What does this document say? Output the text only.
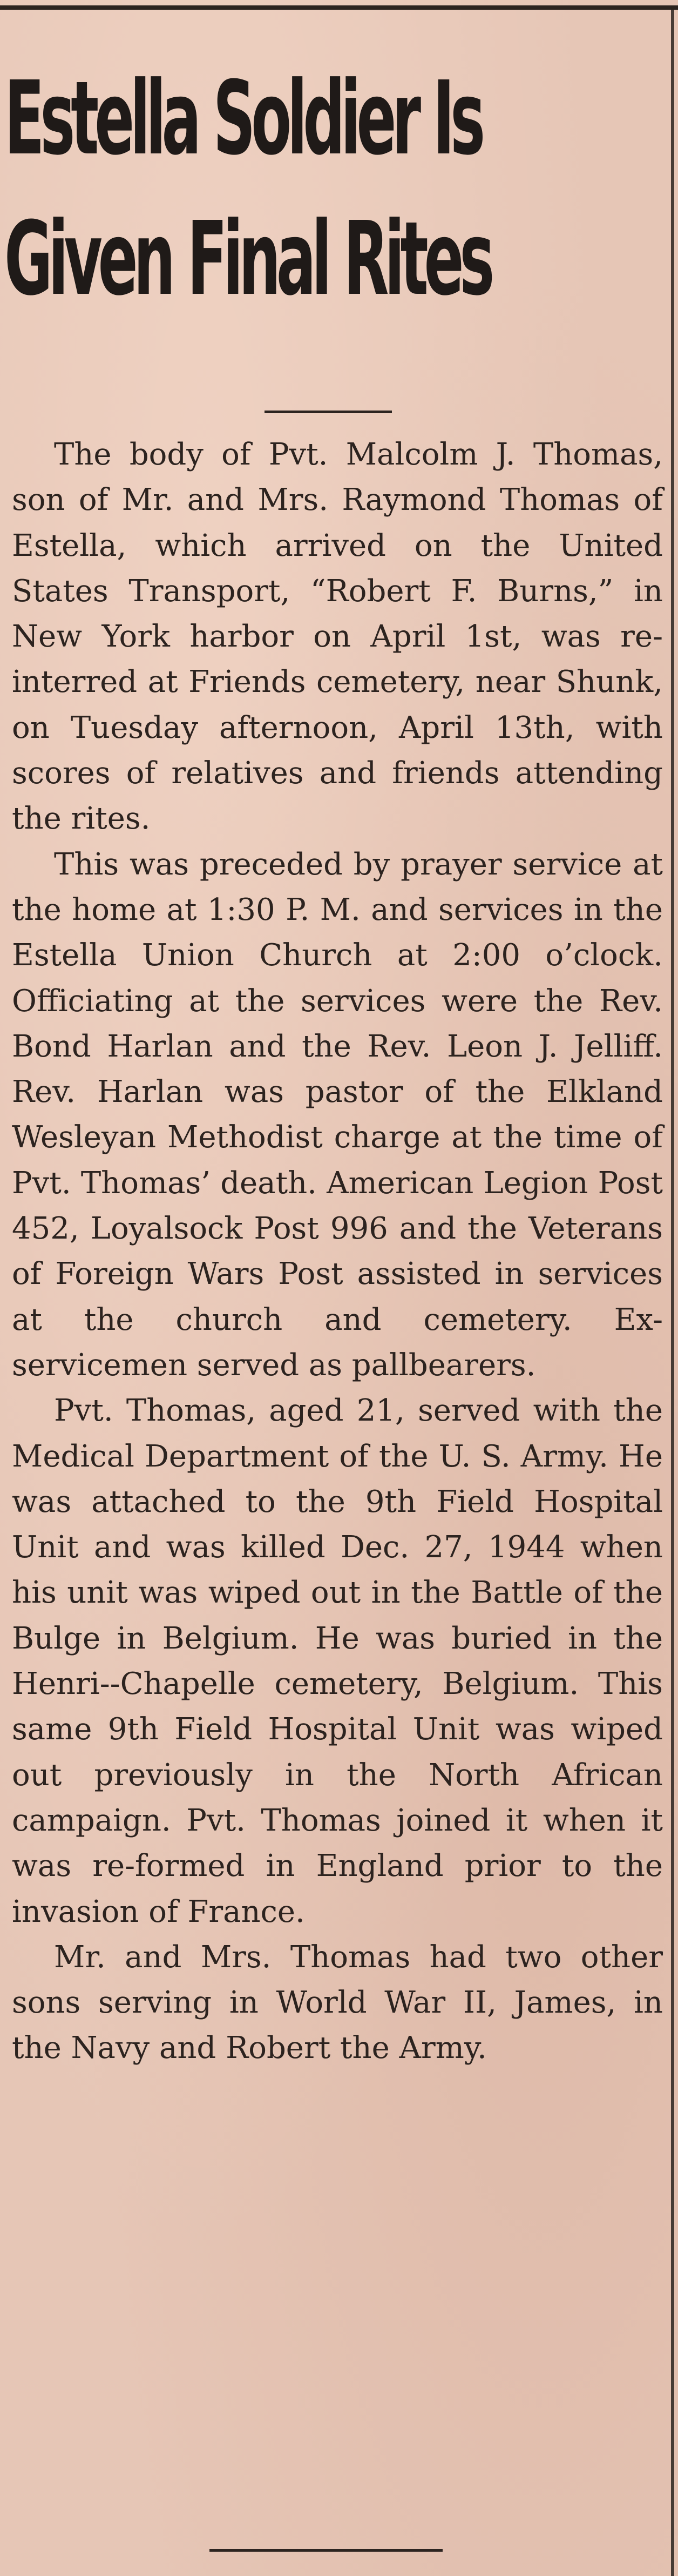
Estella Soldier Is
Given Final Rites

The body of Pvt. Malcolm J. Thomas, son of Mr. and Mrs. Raymond Thomas of Estella, which arrived on the United States Transport, “Robert F. Burns,” in New York harbor on April 1st, was re-interred at Friends cemetery, near Shunk, on Tuesday afternoon, April 13th, with scores of relatives and friends attending the rites.

This was preceded by prayer service at the home at 1:30 P. M. and services in the Estella Union Church at 2:00 o’clock. Officiating at the services were the Rev. Bond Harlan and the Rev. Leon J. Jelliff. Rev. Harlan was pastor of the Elkland Wesleyan Methodist charge at the time of Pvt. Thomas’ death. American Legion Post 452, Loyalsock Post 996 and the Veterans of Foreign Wars Post assisted in services at the church and cemetery. Ex-servicemen served as pallbearers.

Pvt. Thomas, aged 21, served with the Medical Department of the U. S. Army. He was attached to the 9th Field Hospital Unit and was killed Dec. 27, 1944 when his unit was wiped out in the Battle of the Bulge in Belgium. He was buried in the Henri--Chapelle cemetery, Belgium. This same 9th Field Hospital Unit was wiped out previously in the North African campaign. Pvt. Thomas joined it when it was re-formed in England prior to the invasion of France.

Mr. and Mrs. Thomas had two other sons serving in World War II, James, in the Navy and Robert the Army.
